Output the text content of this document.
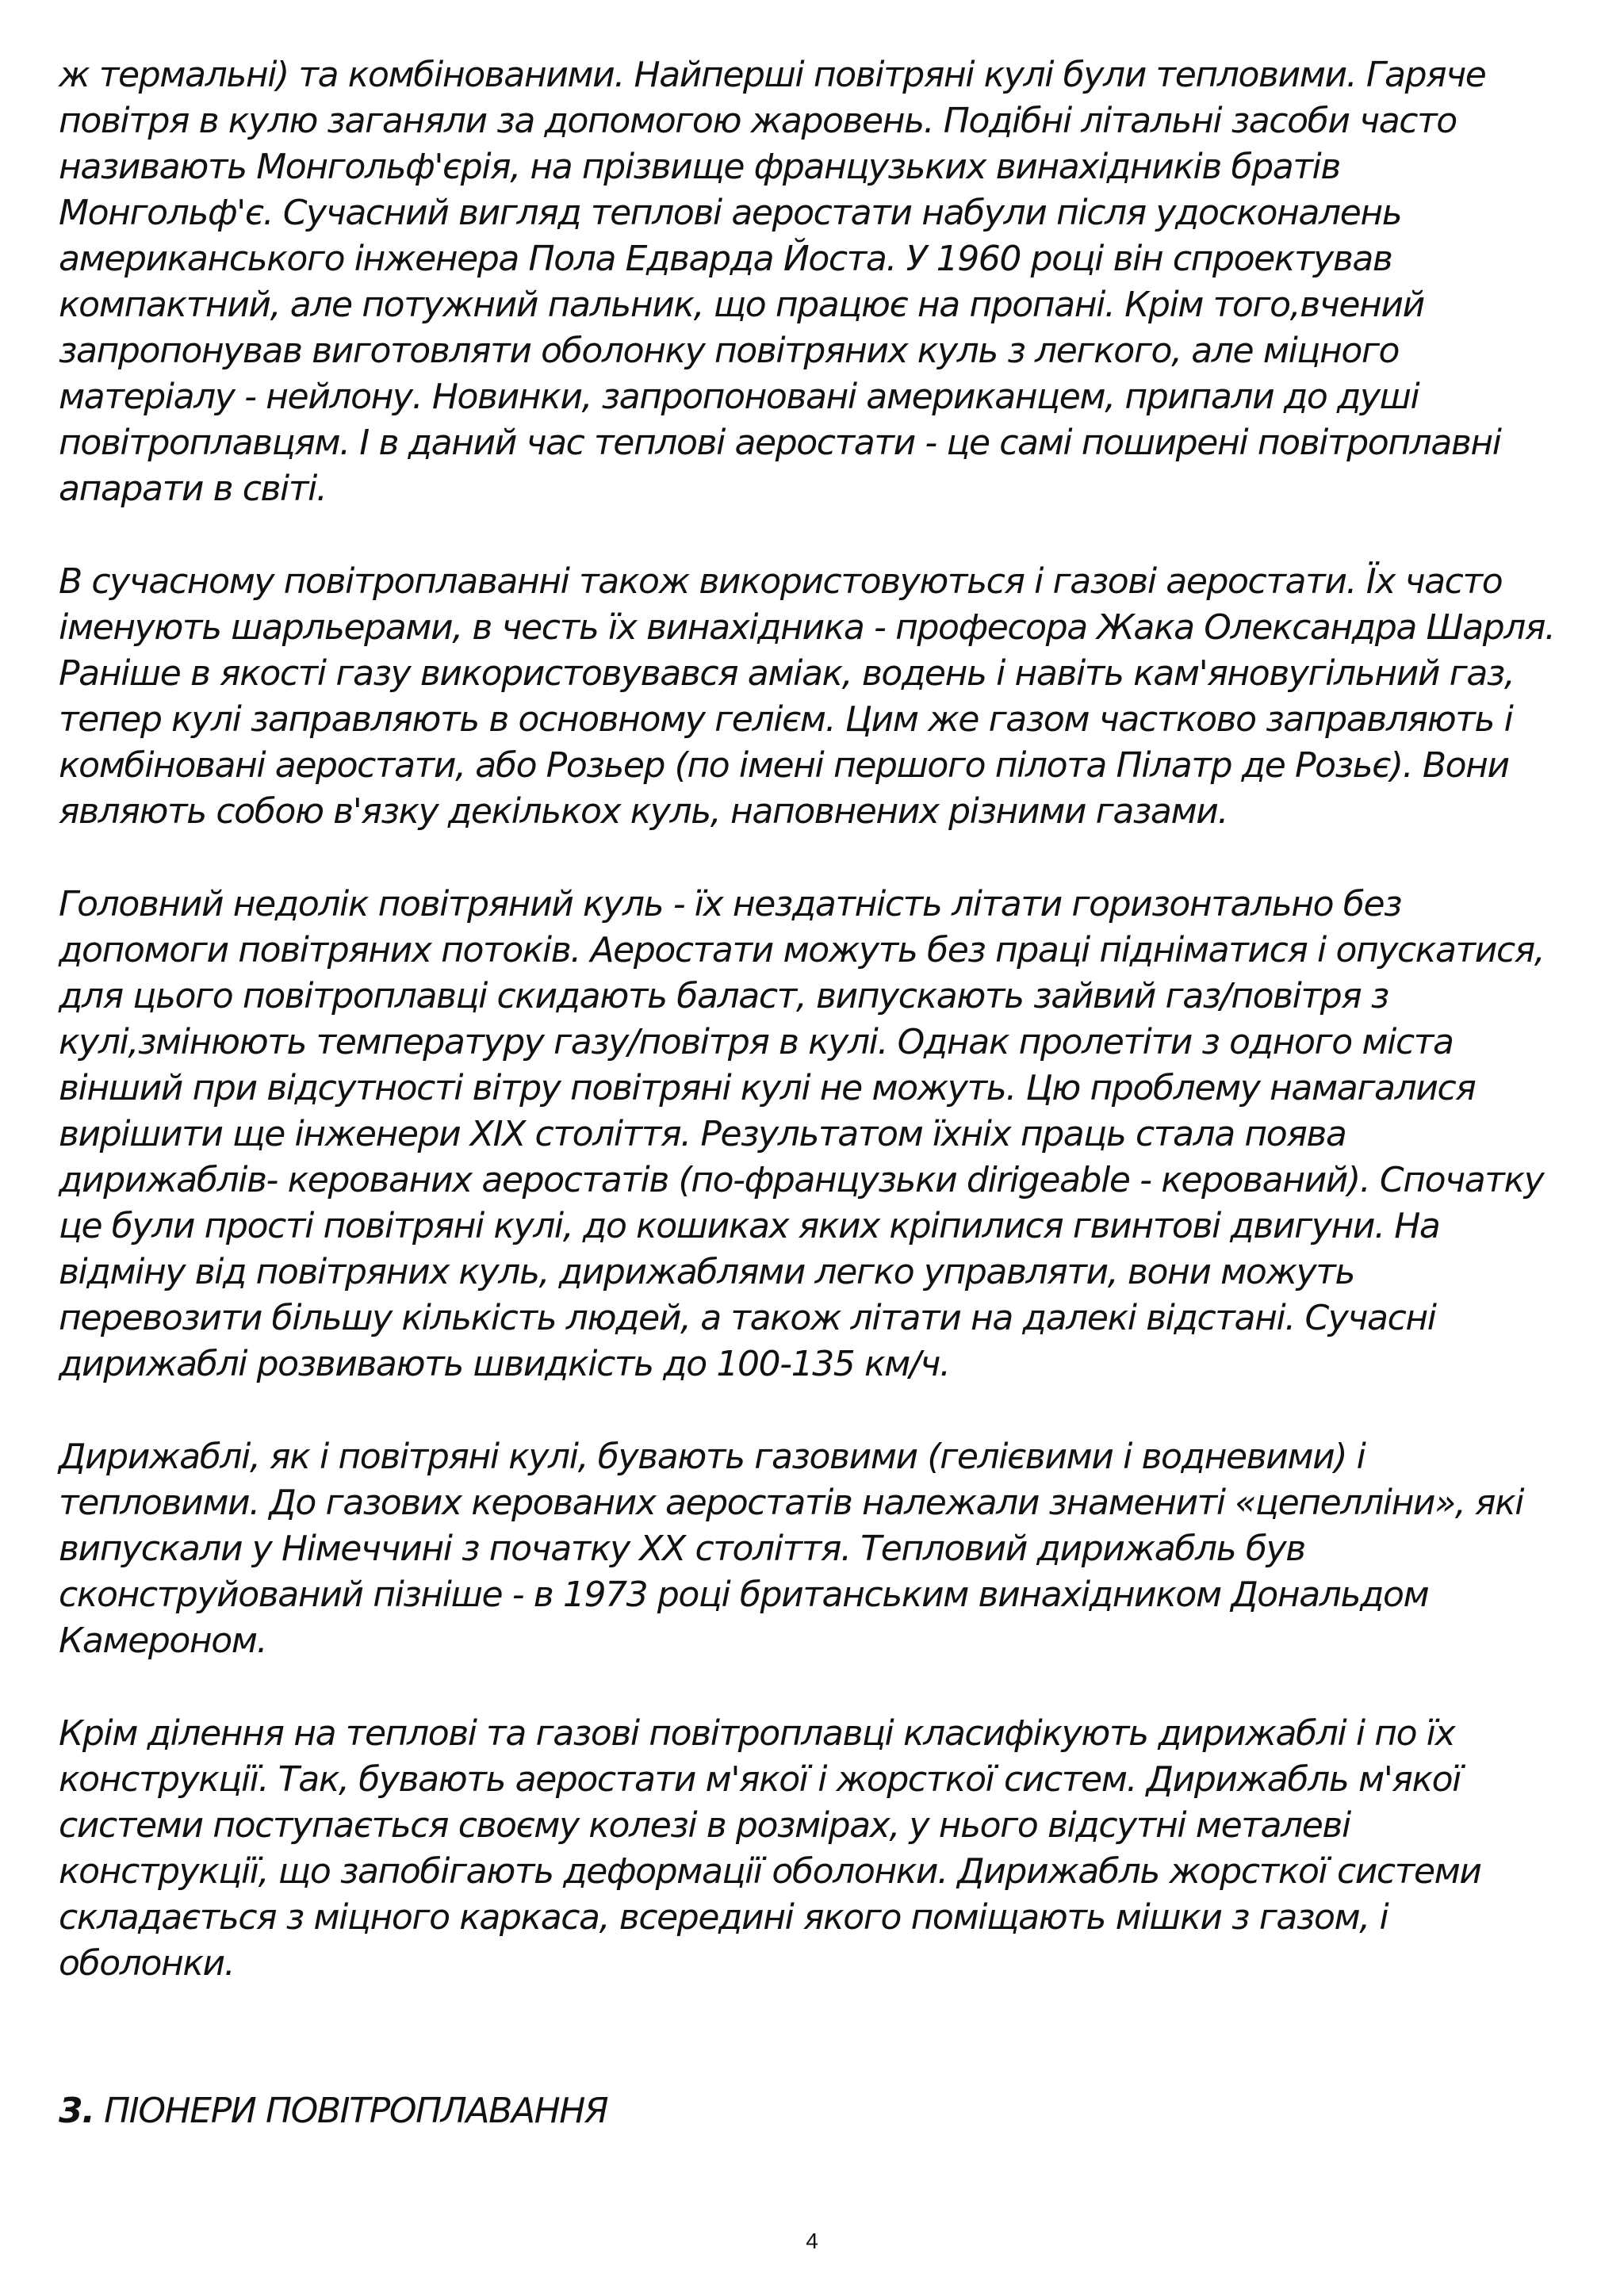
ж термальні) та комбінованими. Найперші повітряні кулі були тепловими. Гаряче
повітря в кулю заганяли за допомогою жаровень. Подібні літальні засоби часто
називають Монгольф'єрія, на прізвище французьких винахідників братів
Монгольф'є. Сучасний вигляд теплові аеростати набули після удосконалень
американського інженера Пола Едварда Йоста. У 1960 році він спроектував
компактний, але потужний пальник, що працює на пропані. Крім того,вчений
запропонував виготовляти оболонку повітряних куль з легкого, але міцного
матеріалу - нейлону. Новинки, запропоновані американцем, припали до душі
повітроплавцям. І в даний час теплові аеростати - це самі поширені повітроплавні
апарати в світі.

В сучасному повітроплаванні також використовуються і газові аеростати. Їх часто
іменують шарльерами, в честь їх винахідника - професора Жака Олександра Шарля.
Раніше в якості газу використовувався аміак, водень і навіть кам'яновугільний газ,
тепер кулі заправляють в основному гелієм. Цим же газом частково заправляють і
комбіновані аеростати, або Розьер (по імені першого пілота Пілатр де Розьє). Вони
являють собою в'язку декількох куль, наповнених різними газами.

Головний недолік повітряний куль - їх нездатність літати горизонтально без
допомоги повітряних потоків. Аеростати можуть без праці підніматися і опускатися,
для цього повітроплавці скидають баласт, випускають зайвий газ/повітря з
кулі,змінюють температуру газу/повітря в кулі. Однак пролетіти з одного міста
вінший при відсутності вітру повітряні кулі не можуть. Цю проблему намагалися
вирішити ще інженери XIX століття. Результатом їхніх праць стала поява
дирижаблів- керованих аеростатів (по-французьки dirigeable - керований). Спочатку
це були прості повітряні кулі, до кошиках яких кріпилися гвинтові двигуни. На
відміну від повітряних куль, дирижаблями легко управляти, вони можуть
перевозити більшу кількість людей, а також літати на далекі відстані. Сучасні
дирижаблі розвивають швидкість до 100-135 км/ч.

Дирижаблі, як і повітряні кулі, бувають газовими (гелієвими і водневими) і
тепловими. До газових керованих аеростатів належали знамениті «цепелліни», які
випускали у Німеччині з початку XX століття. Тепловий дирижабль був
сконструйований пізніше - в 1973 році британським винахідником Дональдом
Камероном.

Крім ділення на теплові та газові повітроплавці класифікують дирижаблі і по їх
конструкції. Так, бувають аеростати м'якої і жорсткої систем. Дирижабль м'якої
системи поступається своєму колезі в розмірах, у нього відсутні металеві
конструкції, що запобігають деформації оболонки. Дирижабль жорсткої системи
складається з міцного каркаса, всередині якого поміщають мішки з газом, і
оболонки.

3. ПІОНЕРИ ПОВІТРОПЛАВАННЯ
4
